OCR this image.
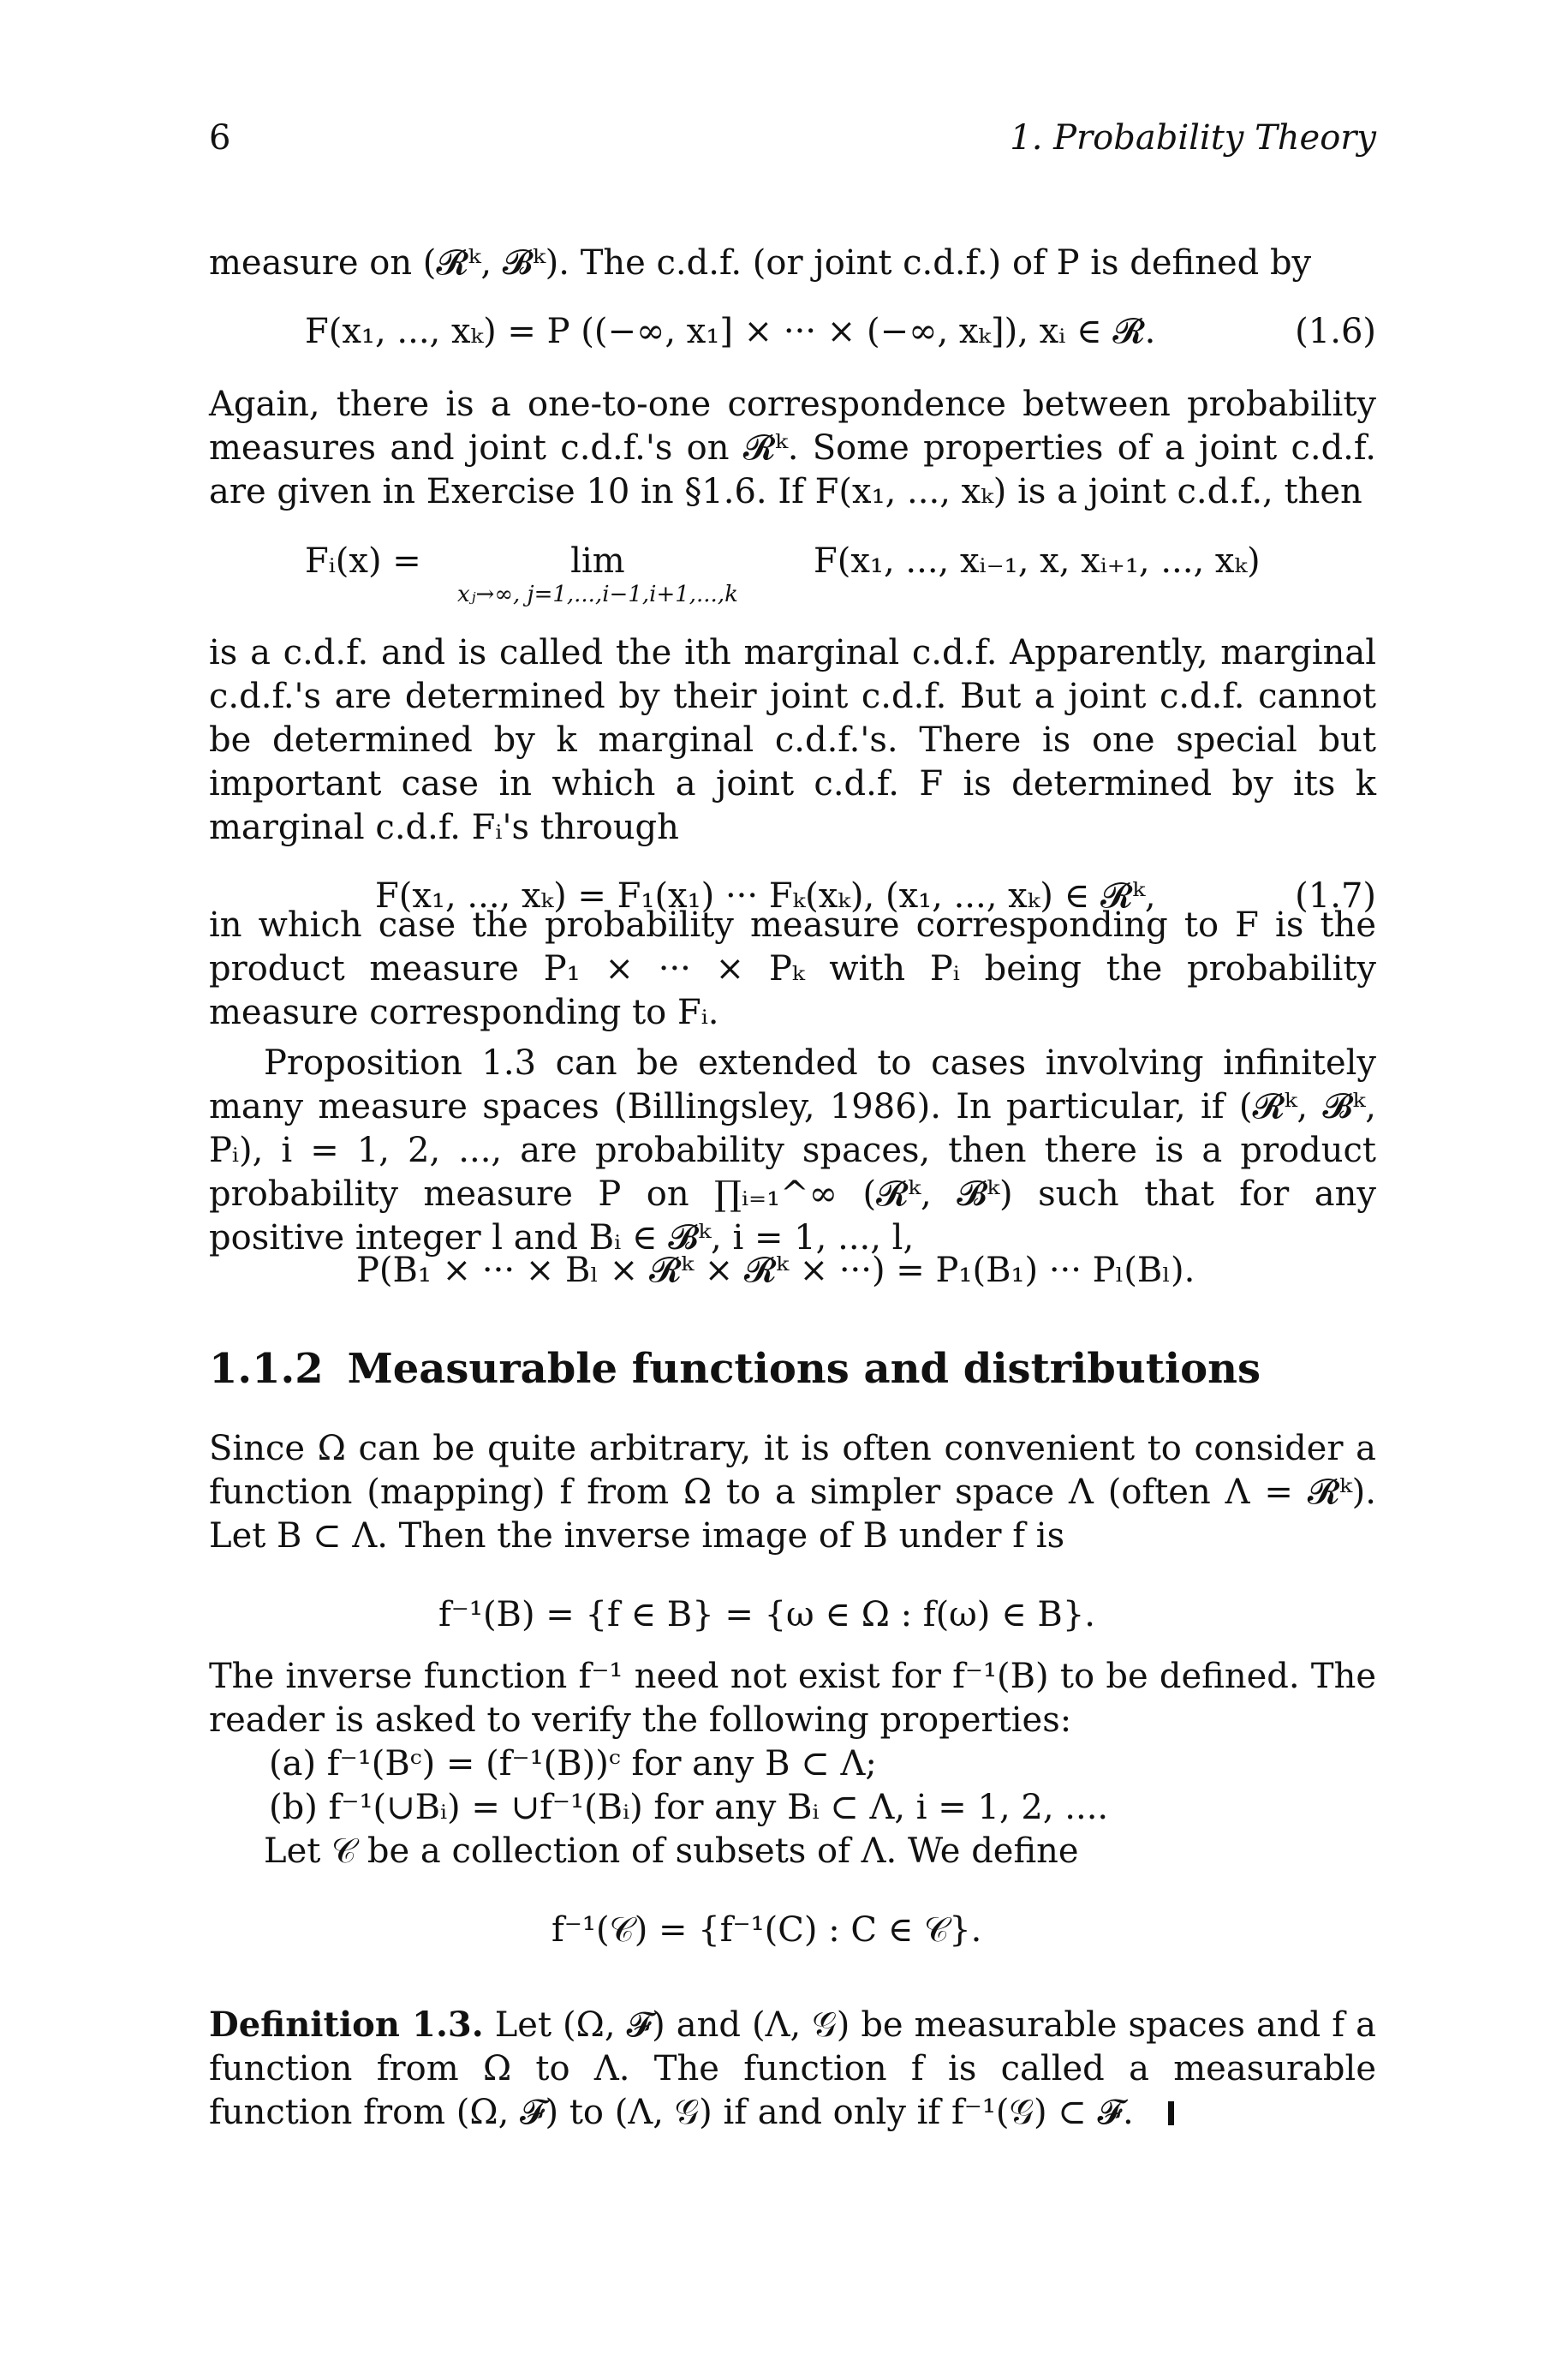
6	1. Probability Theory

measure on (𝓡ᵏ, 𝓑ᵏ). The c.d.f. (or joint c.d.f.) of P is defined by

F(x₁, ..., xₖ) = P ((−∞, x₁] × ··· × (−∞, xₖ]), xᵢ ∈ 𝓡.	(1.6)

Again, there is a one-to-one correspondence between probability measures and joint c.d.f.'s on 𝓡ᵏ. Some properties of a joint c.d.f. are given in Exercise 10 in §1.6. If F(x₁, ..., xₖ) is a joint c.d.f., then

Fᵢ(x) =	lim
xⱼ→∞, j=1,...,i−1,i+1,...,k
F(x₁, ..., xᵢ₋₁, x, xᵢ₊₁, ..., xₖ)

is a c.d.f. and is called the ith marginal c.d.f. Apparently, marginal c.d.f.'s are determined by their joint c.d.f. But a joint c.d.f. cannot be determined by k marginal c.d.f.'s. There is one special but important case in which a joint c.d.f. F is determined by its k marginal c.d.f. Fᵢ's through

F(x₁, ..., xₖ) = F₁(x₁) ··· Fₖ(xₖ), (x₁, ..., xₖ) ∈ 𝓡ᵏ,	(1.7)

in which case the probability measure corresponding to F is the product measure P₁ × ··· × Pₖ with Pᵢ being the probability measure corresponding to Fᵢ.

Proposition 1.3 can be extended to cases involving infinitely many measure spaces (Billingsley, 1986). In particular, if (𝓡ᵏ, 𝓑ᵏ, Pᵢ), i = 1, 2, ..., are probability spaces, then there is a product probability measure P on ∏ᵢ₌₁^∞ (𝓡ᵏ, 𝓑ᵏ) such that for any positive integer l and Bᵢ ∈ 𝓑ᵏ, i = 1, ..., l,

P(B₁ × ··· × Bₗ × 𝓡ᵏ × 𝓡ᵏ × ···) = P₁(B₁) ··· Pₗ(Bₗ).
1.1.2 Measurable functions and distributions

Since Ω can be quite arbitrary, it is often convenient to consider a function (mapping) f from Ω to a simpler space Λ (often Λ = 𝓡ᵏ). Let B ⊂ Λ. Then the inverse image of B under f is

f⁻¹(B) = {f ∈ B} = {ω ∈ Ω : f(ω) ∈ B}.

The inverse function f⁻¹ need not exist for f⁻¹(B) to be defined. The reader is asked to verify the following properties:

(a) f⁻¹(Bᶜ) = (f⁻¹(B))ᶜ for any B ⊂ Λ;
(b) f⁻¹(∪Bᵢ) = ∪f⁻¹(Bᵢ) for any Bᵢ ⊂ Λ, i = 1, 2, ....

Let 𝒞 be a collection of subsets of Λ. We define

f⁻¹(𝒞) = {f⁻¹(C) : C ∈ 𝒞}.

Definition 1.3. Let (Ω, 𝓕) and (Λ, 𝒢) be measurable spaces and f a function from Ω to Λ. The function f is called a measurable function from (Ω, 𝓕) to (Λ, 𝒢) if and only if f⁻¹(𝒢) ⊂ 𝓕.
